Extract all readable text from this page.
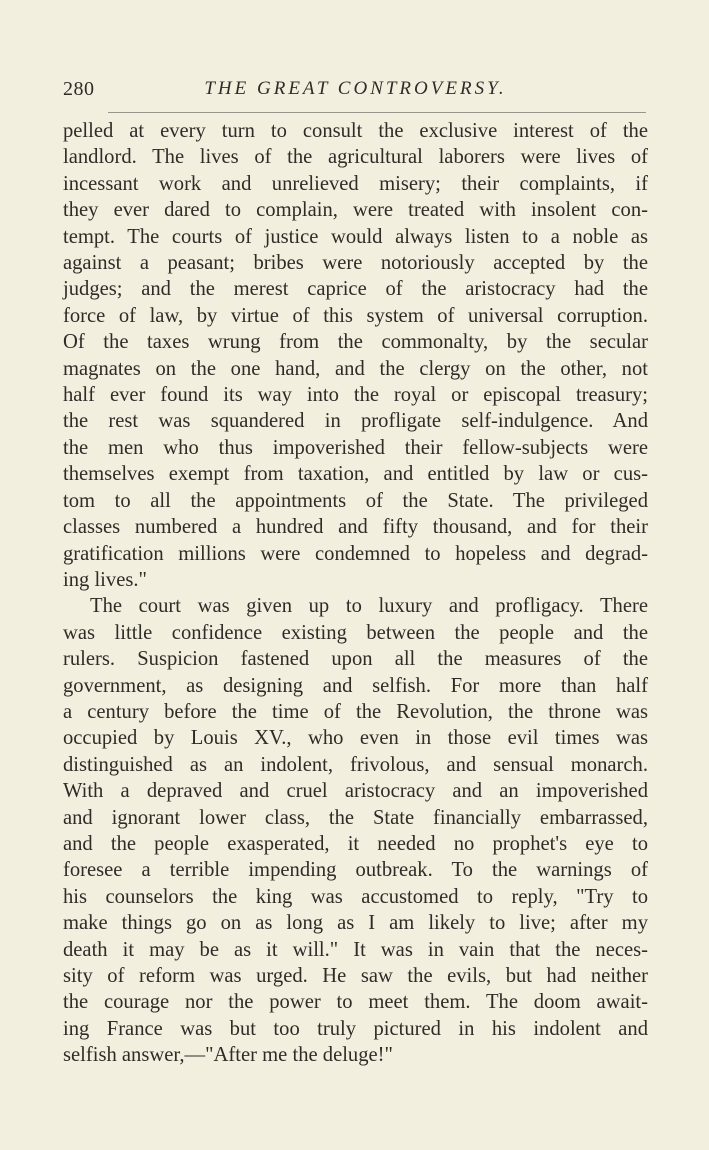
280	THE GREAT CONTROVERSY.
pelled at every turn to consult the exclusive interest of the
landlord. The lives of the agricultural laborers were lives of
incessant work and unrelieved misery; their complaints, if
they ever dared to complain, were treated with insolent con-
tempt. The courts of justice would always listen to a noble as
against a peasant; bribes were notoriously accepted by the
judges; and the merest caprice of the aristocracy had the
force of law, by virtue of this system of universal corruption.
Of the taxes wrung from the commonalty, by the secular
magnates on the one hand, and the clergy on the other, not
half ever found its way into the royal or episcopal treasury;
the rest was squandered in profligate self-indulgence. And
the men who thus impoverished their fellow-subjects were
themselves exempt from taxation, and entitled by law or cus-
tom to all the appointments of the State. The privileged
classes numbered a hundred and fifty thousand, and for their
gratification millions were condemned to hopeless and degrad-
ing lives."
The court was given up to luxury and profligacy. There
was little confidence existing between the people and the
rulers. Suspicion fastened upon all the measures of the
government, as designing and selfish. For more than half
a century before the time of the Revolution, the throne was
occupied by Louis XV., who even in those evil times was
distinguished as an indolent, frivolous, and sensual monarch.
With a depraved and cruel aristocracy and an impoverished
and ignorant lower class, the State financially embarrassed,
and the people exasperated, it needed no prophet's eye to
foresee a terrible impending outbreak. To the warnings of
his counselors the king was accustomed to reply, "Try to
make things go on as long as I am likely to live; after my
death it may be as it will." It was in vain that the neces-
sity of reform was urged. He saw the evils, but had neither
the courage nor the power to meet them. The doom await-
ing France was but too truly pictured in his indolent and
selfish answer,—"After me the deluge!"
